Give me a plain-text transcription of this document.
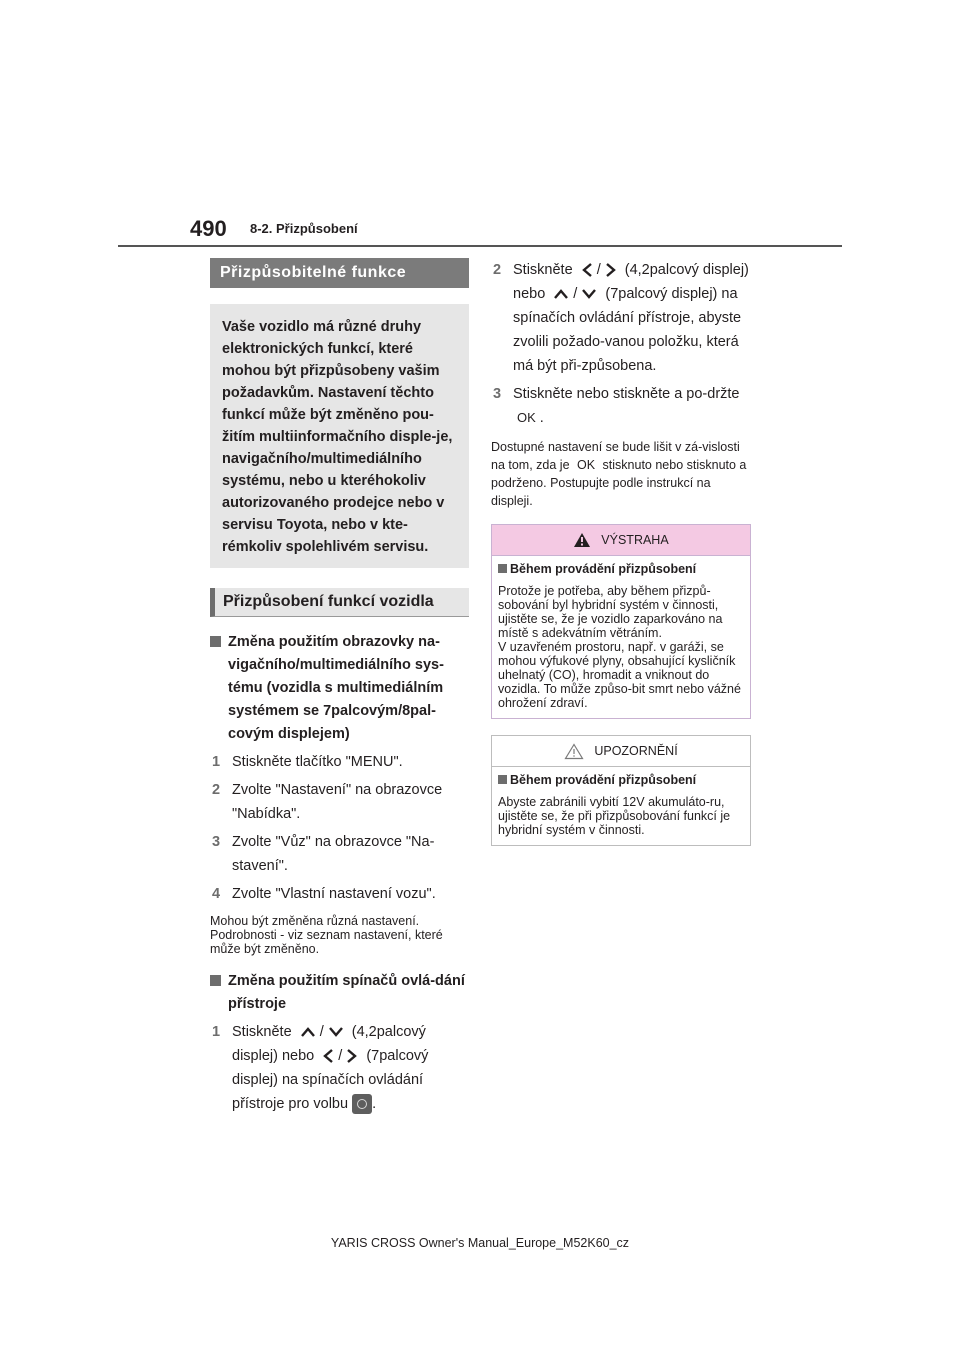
490 8-2. Přizpůsobení
Přizpůsobitelné funkce
Vaše vozidlo má různé druhy elektronických funkcí, které mohou být přizpůsobeny vašim požadavkům. Nastavení těchto funkcí může být změněno pou-žitím multiinformačního disple-je, navigačního/multimediálního systému, nebo u kteréhokoliv autorizovaného prodejce nebo v servisu Toyota, nebo v kte-rémkoliv spolehlivém servisu.
Přizpůsobení funkcí vozidla
Změna použitím obrazovky na-vigačního/multimediálního sys-tému (vozidla s multimediálním systémem se 7palcovým/8pal-covým displejem)
1 Stiskněte tlačítko "MENU".
2 Zvolte "Nastavení" na obrazovce "Nabídka".
3 Zvolte "Vůz" na obrazovce "Na-stavení".
4 Zvolte "Vlastní nastavení vozu".
Mohou být změněna různá nastavení. Podrobnosti - viz seznam nastavení, které může být změněno.
Změna použitím spínačů ovlá-dání přístroje
1 Stiskněte / (4,2palcový displej) nebo / (7palcový displej) na spínačích ovládání přístroje pro volbu .
2 Stiskněte / (4,2palcový displej) nebo / (7palcový displej) na spínačích ovládání přístroje, abyste zvolili požado-vanou položku, která má být při-způsobena.
3 Stiskněte nebo stiskněte a po-držte OK .
Dostupné nastavení se bude lišit v zá-vislosti na tom, zda je OK stisknuto nebo stisknuto a podrženo. Postupujte podle instrukcí na displeji.
VÝSTRAHA
Během provádění přizpůsobení
Protože je potřeba, aby během přizpů-sobování byl hybridní systém v činnosti, ujistěte se, že je vozidlo zaparkováno na místě s adekvátním větráním.
V uzavřeném prostoru, např. v garáži, se mohou výfukové plyny, obsahující kysličník uhelnatý (CO), hromadit a vniknout do vozidla. To může způso-bit smrt nebo vážné ohrožení zdraví.
UPOZORNĚNÍ
Během provádění přizpůsobení
Abyste zabránili vybití 12V akumuláto-ru, ujistěte se, že při přizpůsobování funkcí je hybridní systém v činnosti.
YARIS CROSS Owner's Manual_Europe_M52K60_cz
